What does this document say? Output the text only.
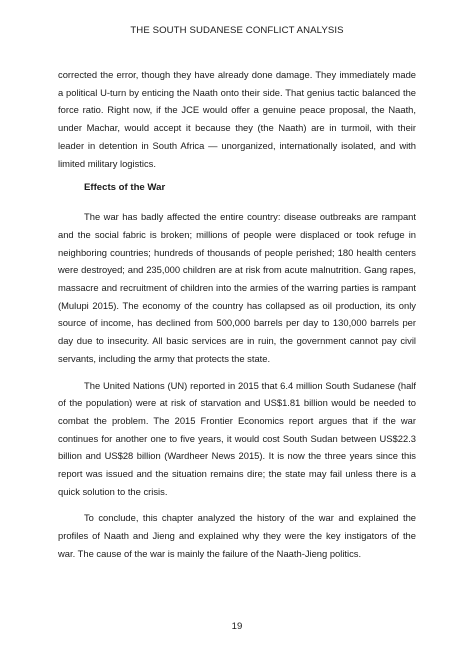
THE SOUTH SUDANESE CONFLICT ANALYSIS

corrected the error, though they have already done damage. They immediately made a political U-turn by enticing the Naath onto their side. That genius tactic balanced the force ratio. Right now, if the JCE would offer a genuine peace proposal, the Naath, under Machar, would accept it because they (the Naath) are in turmoil, with their leader in detention in South Africa — unorganized, internationally isolated, and with limited military logistics.

Effects of the War

The war has badly affected the entire country: disease outbreaks are rampant and the social fabric is broken; millions of people were displaced or took refuge in neighboring countries; hundreds of thousands of people perished; 180 health centers were destroyed; and 235,000 children are at risk from acute malnutrition. Gang rapes, massacre and recruitment of children into the armies of the warring parties is rampant (Mulupi 2015). The economy of the country has collapsed as oil production, its only source of income, has declined from 500,000 barrels per day to 130,000 barrels per day due to insecurity. All basic services are in ruin, the government cannot pay civil servants, including the army that protects the state.

The United Nations (UN) reported in 2015 that 6.4 million South Sudanese (half of the population) were at risk of starvation and US$1.81 billion would be needed to combat the problem. The 2015 Frontier Economics report argues that if the war continues for another one to five years, it would cost South Sudan between US$22.3 billion and US$28 billion (Wardheer News 2015). It is now the three years since this report was issued and the situation remains dire; the state may fail unless there is a quick solution to the crisis.

To conclude, this chapter analyzed the history of the war and explained the profiles of Naath and Jieng and explained why they were the key instigators of the war. The cause of the war is mainly the failure of the Naath-Jieng politics.

19
